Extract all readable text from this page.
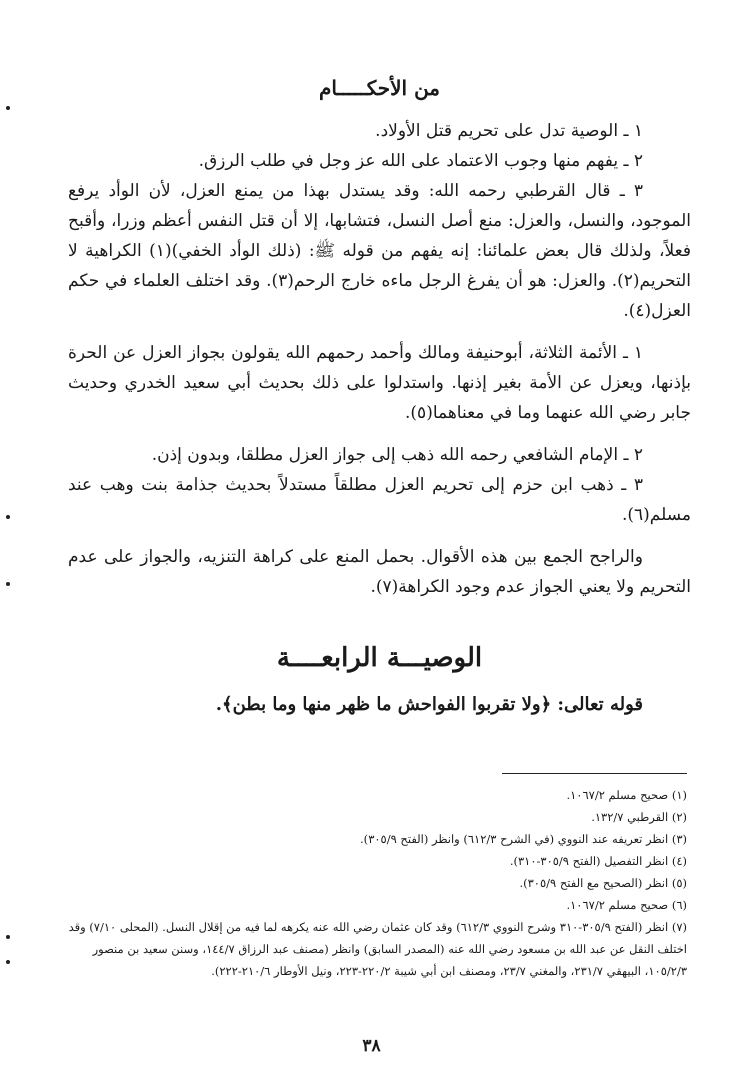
من الأحكـــــام

١ ـ الوصية تدل على تحريم قتل الأولاد.

٢ ـ يفهم منها وجوب الاعتماد على الله عز وجل في طلب الرزق.

٣ ـ قال القرطبي رحمه الله: وقد يستدل بهذا من يمنع العزل، لأن الوأد يرفع الموجود، والنسل، والعزل: منع أصل النسل، فتشابها، إلا أن قتل النفس أعظم وزرا، وأقبح فعلاً، ولذلك قال بعض علمائنا: إنه يفهم من قوله ﷺ: (ذلك الوأد الخفي)(١) الكراهية لا التحريم(٢). والعزل: هو أن يفرغ الرجل ماءه خارج الرحم(٣). وقد اختلف العلماء في حكم العزل(٤).

١ ـ الأئمة الثلاثة، أبوحنيفة ومالك وأحمد رحمهم الله يقولون بجواز العزل عن الحرة بإذنها، ويعزل عن الأمة بغير إذنها. واستدلوا على ذلك بحديث أبي سعيد الخدري وحديث جابر رضي الله عنهما وما في معناهما(٥).

٢ ـ الإمام الشافعي رحمه الله ذهب إلى جواز العزل مطلقا، وبدون إذن.

٣ ـ ذهب ابن حزم إلى تحريم العزل مطلقاً مستدلاً بحديث جذامة بنت وهب عند مسلم(٦).

والراجح الجمع بين هذه الأقوال. بحمل المنع على كراهة التنزيه، والجواز على عدم التحريم ولا يعني الجواز عدم وجود الكراهة(٧).

الوصيـــة الرابعــــة
قوله تعالى: ﴿ولا تقربوا الفواحش ما ظهر منها وما بطن﴾.

(١) صحيح مسلم ١٠٦٧/٢.

(٢) القرطبي ١٣٢/٧.

(٣) انظر تعريفه عند النووي (في الشرح ٦١٢/٣) وانظر (الفتح ٣٠٥/٩).

(٤) انظر التفصيل (الفتح ٣٠٥/٩-٣١٠).

(٥) انظر (الصحيح مع الفتح ٣٠٥/٩).

(٦) صحيح مسلم ١٠٦٧/٢.

(٧) انظر (الفتح ٣٠٥/٩-٣١٠ وشرح النووي ٦١٢/٣) وقد كان عثمان رضي الله عنه يكرهه لما فيه من إقلال النسل. (المحلى ٧/١٠) وقد اختلف النقل عن عبد الله بن مسعود رضي الله عنه (المصدر السابق) وانظر (مصنف عبد الرزاق ١٤٤/٧، وسنن سعيد بن منصور ١٠٥/٢/٣، البيهقي ٢٣١/٧، والمغني ٢٣/٧، ومصنف ابن أبي شيبة ٢٢٠/٢-٢٢٣، ونيل الأوطار ٢١٠/٦-٢٢٢).

٣٨
